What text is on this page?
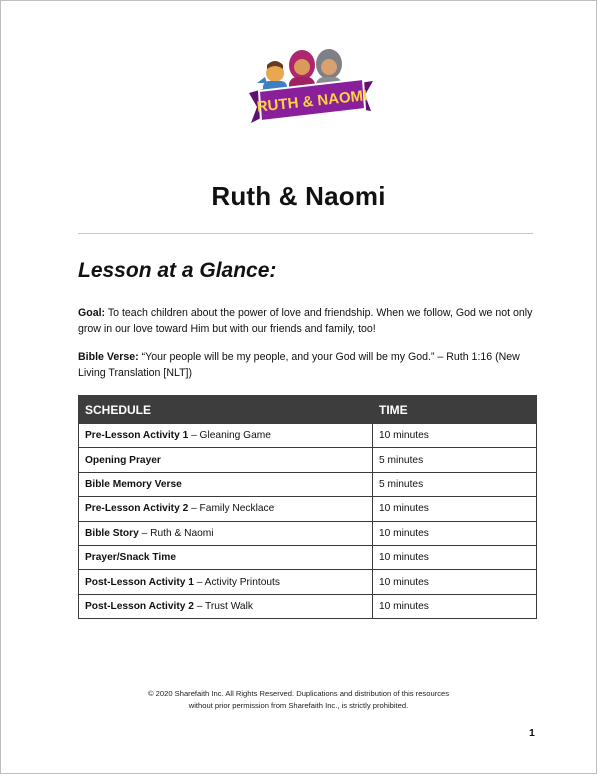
RUTH & NAOMI
Ruth & Naomi
Lesson at a Glance:
Goal: To teach children about the power of love and friendship. When we follow, God we not only grow in our love toward Him but with our friends and family, too!
Bible Verse: “Your people will be my people, and your God will be my God.” – Ruth 1:16 (New Living Translation [NLT])
SCHEDULE	TIME
Pre-Lesson Activity 1 – Gleaning Game	10 minutes
Opening Prayer	5 minutes
Bible Memory Verse	5 minutes
Pre-Lesson Activity 2 – Family Necklace	10 minutes
Bible Story – Ruth & Naomi	10 minutes
Prayer/Snack Time	10 minutes
Post-Lesson Activity 1 – Activity Printouts	10 minutes
Post-Lesson Activity 2 – Trust Walk	10 minutes
© 2020 Sharefaith Inc. All Rights Reserved. Duplications and distribution of this resources
without prior permission from Sharefaith Inc., is strictly prohibited.
1
